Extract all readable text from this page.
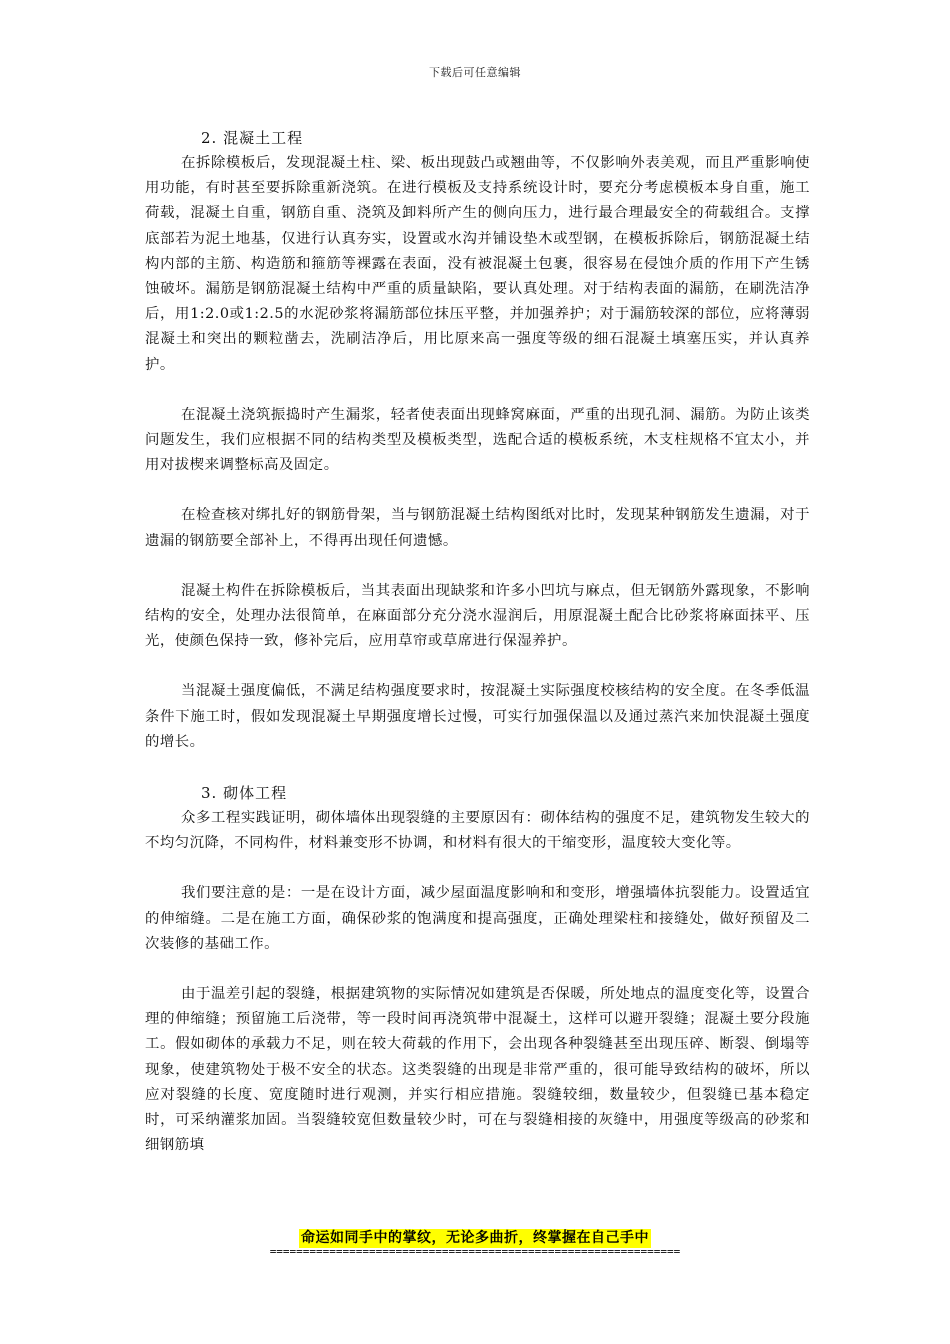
下载后可任意编辑
2. 混凝土工程

在拆除模板后，发现混凝土柱、梁、板出现鼓凸或翘曲等，不仅影响外表美观，而且严重影响使用功能，有时甚至要拆除重新浇筑。在进行模板及支持系统设计时，要充分考虑模板本身自重，施工荷载，混凝土自重，钢筋自重、浇筑及卸料所产生的侧向压力，进行最合理最安全的荷载组合。支撑底部若为泥土地基，仅进行认真夯实，设置或水沟并铺设垫木或型钢，在模板拆除后，钢筋混凝土结构内部的主筋、构造筋和箍筋等裸露在表面，没有被混凝土包裹，很容易在侵蚀介质的作用下产生锈蚀破坏。漏筋是钢筋混凝土结构中严重的质量缺陷，要认真处理。对于结构表面的漏筋，在刷洗洁净后，用1:2.0或1:2.5的水泥砂浆将漏筋部位抹压平整，并加强养护；对于漏筋较深的部位，应将薄弱混凝土和突出的颗粒凿去，洗刷洁净后，用比原来高一强度等级的细石混凝土填塞压实，并认真养护。

在混凝土浇筑振捣时产生漏浆，轻者使表面出现蜂窝麻面，严重的出现孔洞、漏筋。为防止该类问题发生，我们应根据不同的结构类型及模板类型，选配合适的模板系统，木支柱规格不宜太小，并用对拔楔来调整标高及固定。

在检查核对绑扎好的钢筋骨架，当与钢筋混凝土结构图纸对比时，发现某种钢筋发生遗漏，对于遗漏的钢筋要全部补上，不得再出现任何遗憾。

混凝土构件在拆除模板后，当其表面出现缺浆和许多小凹坑与麻点，但无钢筋外露现象，不影响结构的安全，处理办法很简单，在麻面部分充分浇水湿润后，用原混凝土配合比砂浆将麻面抹平、压光，使颜色保持一致，修补完后，应用草帘或草席进行保湿养护。

当混凝土强度偏低，不满足结构强度要求时，按混凝土实际强度校核结构的安全度。在冬季低温条件下施工时，假如发现混凝土早期强度增长过慢，可实行加强保温以及通过蒸汽来加快混凝土强度的增长。

3. 砌体工程

众多工程实践证明，砌体墙体出现裂缝的主要原因有：砌体结构的强度不足，建筑物发生较大的不均匀沉降，不同构件，材料兼变形不协调，和材料有很大的干缩变形，温度较大变化等。

我们要注意的是：一是在设计方面，减少屋面温度影响和和变形，增强墙体抗裂能力。设置适宜的伸缩缝。二是在施工方面，确保砂浆的饱满度和提高强度，正确处理梁柱和接缝处，做好预留及二次装修的基础工作。

由于温差引起的裂缝，根据建筑物的实际情况如建筑是否保暖，所处地点的温度变化等，设置合理的伸缩缝；预留施工后浇带，等一段时间再浇筑带中混凝土，这样可以避开裂缝；混凝土要分段施工。假如砌体的承载力不足，则在较大荷载的作用下，会出现各种裂缝甚至出现压碎、断裂、倒塌等现象，使建筑物处于极不安全的状态。这类裂缝的出现是非常严重的，很可能导致结构的破坏，所以应对裂缝的长度、宽度随时进行观测，并实行相应措施。裂缝较细，数量较少，但裂缝已基本稳定时，可采纳灌浆加固。当裂缝较宽但数量较少时，可在与裂缝相接的灰缝中，用强度等级高的砂浆和细钢筋填

命运如同手中的掌纹，无论多曲折，终掌握在自己手中
==============================================================
